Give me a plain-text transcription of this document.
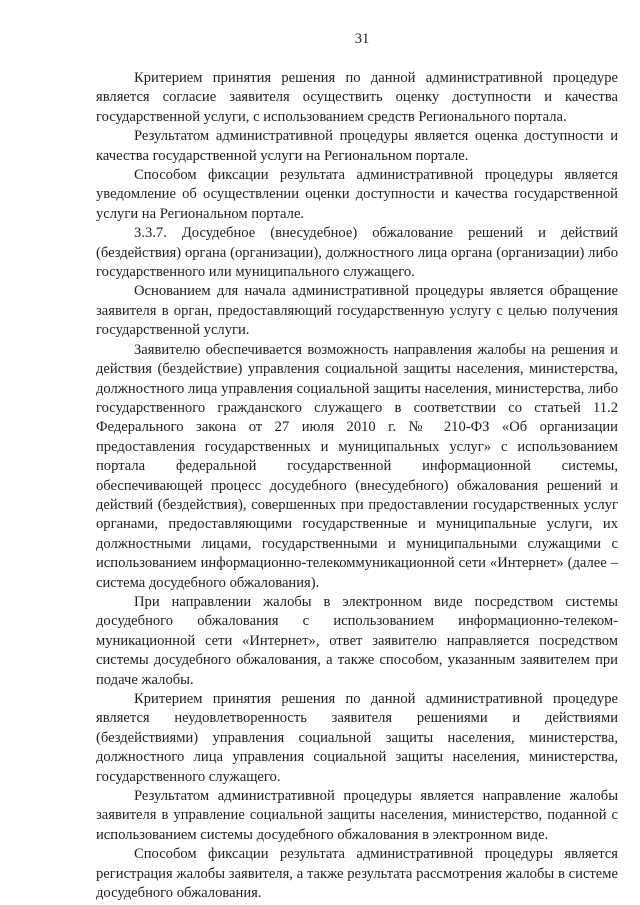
31

Критерием принятия решения по данной административной процедуре является согласие заявителя осуществить оценку доступности и качества государственной услуги, с использованием средств Регионального портала.

Результатом административной процедуры является оценка доступности и качества государственной услуги на Региональном портале.

Способом фиксации результата административной процедуры является уведомление об осуществлении оценки доступности и качества государственной услуги на Региональном портале.

3.3.7. Досудебное (внесудебное) обжалование решений и действий (бездействия) органа (организации), должностного лица органа (организации) либо государственного или муниципального служащего.

Основанием для начала административной процедуры является обращение заявителя в орган, предоставляющий государственную услугу с целью получения государственной услуги.

Заявителю обеспечивается возможность направления жалобы на решения и действия (бездействие) управления социальной защиты населения, министерства, должностного лица управления социальной защиты населения, министерства, либо государственного гражданского служащего в соответствии со статьей 11.2 Федерального закона от 27 июля 2010 г. № 210-ФЗ «Об организации предоставления государственных и муниципальных услуг» с использованием портала федеральной государственной информационной системы, обеспечивающей процесс досудебного (внесудебного) обжалования решений и действий (бездействия), совершенных при предоставлении государственных услуг органами, предоставляющими государственные и муниципальные услуги, их должностными лицами, государственными и муниципальными служащими с использованием информационно-телекоммуникационной сети «Интернет» (далее – система досудебного обжалования).

При направлении жалобы в электронном виде посредством системы досудебного обжалования с использованием информационно-телекоммуникационной сети «Интернет», ответ заявителю направляется посредством системы досудебного обжалования, а также способом, указанным заявителем при подаче жалобы.

Критерием принятия решения по данной административной процедуре является неудовлетворенность заявителя решениями и действиями (бездействиями) управления социальной защиты населения, министерства, должностного лица управления социальной защиты населения, министерства, государственного служащего.

Результатом административной процедуры является направление жалобы заявителя в управление социальной защиты населения, министерство, поданной с использованием системы досудебного обжалования в электронном виде.

Способом фиксации результата административной процедуры является регистрация жалобы заявителя, а также результата рассмотрения жалобы в системе досудебного обжалования.
